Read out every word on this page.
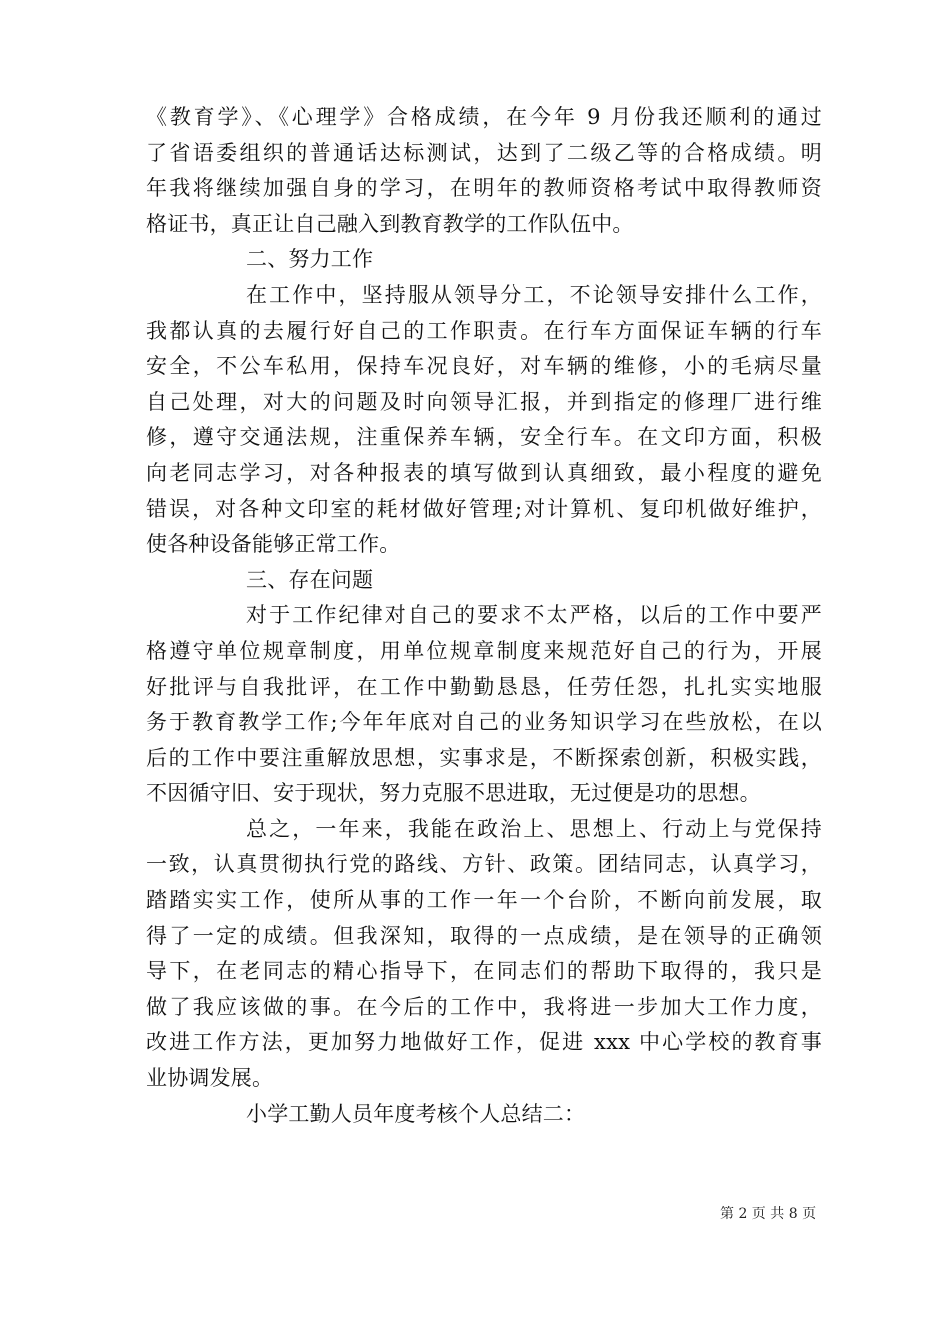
《教育学》、《心理学》合格成绩，在今年 9 月份我还顺利的通过
了省语委组织的普通话达标测试，达到了二级乙等的合格成绩。明
年我将继续加强自身的学习，在明年的教师资格考试中取得教师资
格证书，真正让自己融入到教育教学的工作队伍中。
二、努力工作
在工作中，坚持服从领导分工，不论领导安排什么工作，
我都认真的去履行好自己的工作职责。在行车方面保证车辆的行车
安全，不公车私用，保持车况良好，对车辆的维修，小的毛病尽量
自己处理，对大的问题及时向领导汇报，并到指定的修理厂进行维
修，遵守交通法规，注重保养车辆，安全行车。在文印方面，积极
向老同志学习，对各种报表的填写做到认真细致，最小程度的避免
错误，对各种文印室的耗材做好管理;对计算机、复印机做好维护，
使各种设备能够正常工作。
三、存在问题
对于工作纪律对自己的要求不太严格，以后的工作中要严
格遵守单位规章制度，用单位规章制度来规范好自己的行为，开展
好批评与自我批评，在工作中勤勤恳恳，任劳任怨，扎扎实实地服
务于教育教学工作;今年年底对自己的业务知识学习在些放松，在以
后的工作中要注重解放思想，实事求是，不断探索创新，积极实践，
不因循守旧、安于现状，努力克服不思进取，无过便是功的思想。
总之，一年来，我能在政治上、思想上、行动上与党保持
一致，认真贯彻执行党的路线、方针、政策。团结同志，认真学习，
踏踏实实工作，使所从事的工作一年一个台阶，不断向前发展，取
得了一定的成绩。但我深知，取得的一点成绩，是在领导的正确领
导下，在老同志的精心指导下，在同志们的帮助下取得的，我只是
做了我应该做的事。在今后的工作中，我将进一步加大工作力度，
改进工作方法，更加努力地做好工作，促进 xxx 中心学校的教育事
业协调发展。
小学工勤人员年度考核个人总结二：
第 2 页 共 8 页
